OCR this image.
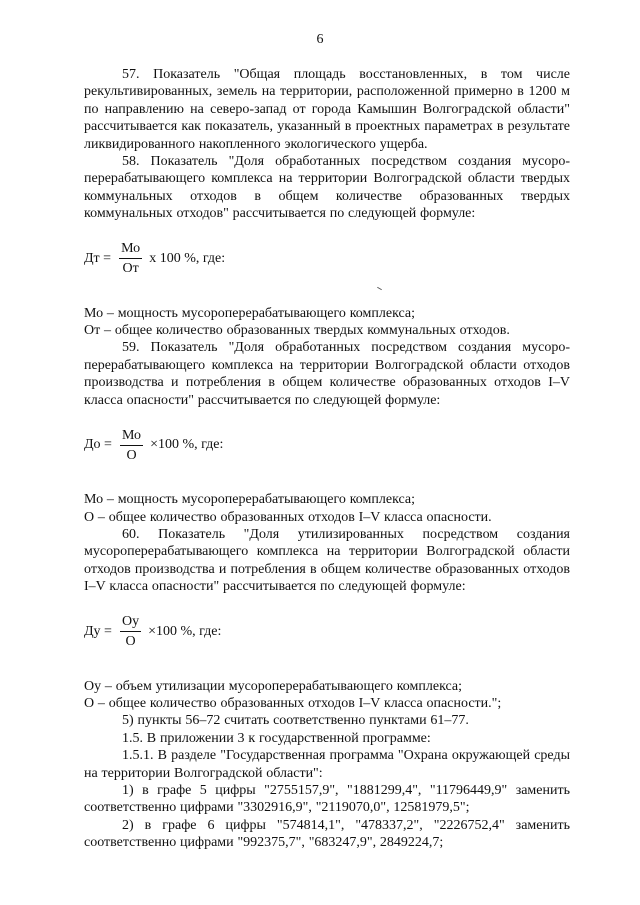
6

57. Показатель "Общая площадь восстановленных, в том числе рекультивированных, земель на территории, расположенной примерно в 1200 м по направлению на северо-запад от города Камышин Волгоградской области" рассчитывается как показатель, указанный в проектных параметрах в результате ликвидированного накопленного экологического ущерба.

58. Показатель "Доля обработанных посредством создания мусоро-перерабатывающего комплекса на территории Волгоградской области твердых коммунальных отходов в общем количестве образованных твердых коммунальных отходов" рассчитывается по следующей формуле:

Дт = $\frac{Мо}{От}$ x 100 %, где:

Мо – мощность мусороперерабатывающего комплекса;

От – общее количество образованных твердых коммунальных отходов.

59. Показатель "Доля обработанных посредством создания мусоро-перерабатывающего комплекса на территории Волгоградской области отходов производства и потребления в общем количестве образованных отходов I–V класса опасности" рассчитывается по следующей формуле:

До = $\frac{Мо}{О} \times 100$ %, где:

Мо – мощность мусороперерабатывающего комплекса;

О – общее количество образованных отходов I–V класса опасности.

60. Показатель "Доля утилизированных посредством создания мусороперерабатывающего комплекса на территории Волгоградской области отходов производства и потребления в общем количестве образованных отходов I–V класса опасности" рассчитывается по следующей формуле:

Ду = $\frac{Оу}{О} \times 100$ %, где:

Оу – объем утилизации мусороперерабатывающего комплекса;

О – общее количество образованных отходов I–V класса опасности.";

5) пункты 56–72 считать соответственно пунктами 61–77.

1.5. В приложении 3 к государственной программе:

1.5.1. В разделе "Государственная программа "Охрана окружающей среды на территории Волгоградской области":

1) в графе 5 цифры "2755157,9", "1881299,4", "11796449,9" заменить соответственно цифрами "3302916,9", "2119070,0", 12581979,5";

2) в графе 6 цифры "574814,1", "478337,2", "2226752,4" заменить соответственно цифрами "992375,7", "683247,9", 2849224,7;
